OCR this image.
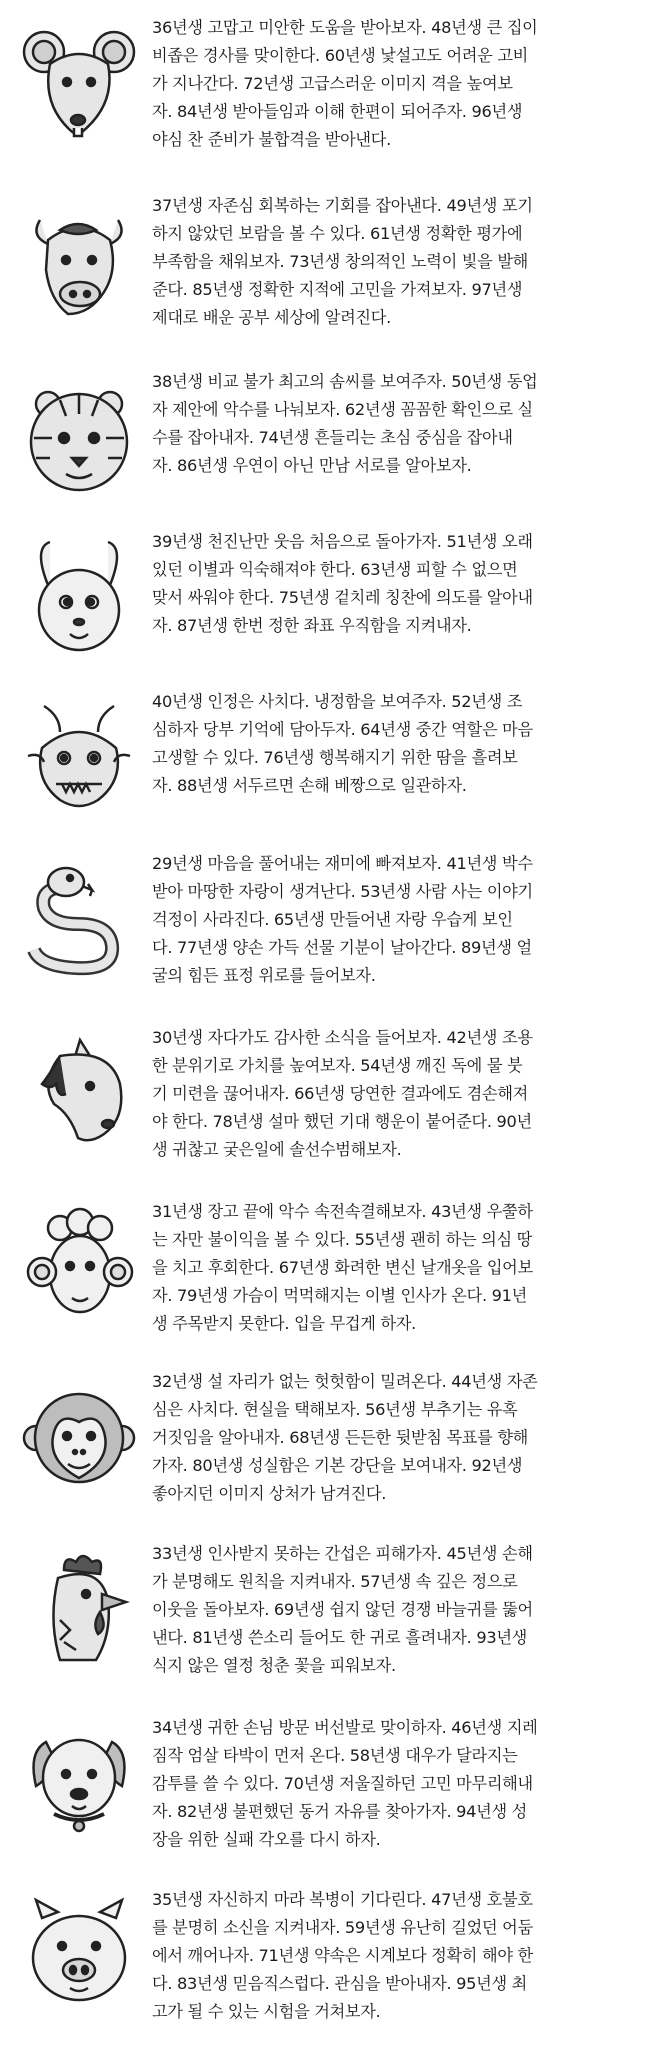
36년생 고맙고 미안한 도움을 받아보자. 48년생 큰 집이
비좁은 경사를 맞이한다. 60년생 낯설고도 어려운 고비
가 지나간다. 72년생 고급스러운 이미지 격을 높여보
자. 84년생 받아들임과 이해 한편이 되어주자. 96년생
야심 찬 준비가 불합격을 받아낸다.
37년생 자존심 회복하는 기회를 잡아낸다. 49년생 포기
하지 않았던 보람을 볼 수 있다. 61년생 정확한 평가에
부족함을 채워보자. 73년생 창의적인 노력이 빛을 발해
준다. 85년생 정확한 지적에 고민을 가져보자. 97년생
제대로 배운 공부 세상에 알려진다.
38년생 비교 불가 최고의 솜씨를 보여주자. 50년생 동업
자 제안에 악수를 나눠보자. 62년생 꼼꼼한 확인으로 실
수를 잡아내자. 74년생 흔들리는 초심 중심을 잡아내
자. 86년생 우연이 아닌 만남 서로를 알아보자.
39년생 천진난만 웃음 처음으로 돌아가자. 51년생 오래
있던 이별과 익숙해져야 한다. 63년생 피할 수 없으면
맞서 싸워야 한다. 75년생 겉치레 칭찬에 의도를 알아내
자. 87년생 한번 정한 좌표 우직함을 지켜내자.
40년생 인정은 사치다. 냉정함을 보여주자. 52년생 조
심하자 당부 기억에 담아두자. 64년생 중간 역할은 마음
고생할 수 있다. 76년생 행복해지기 위한 땀을 흘려보
자. 88년생 서두르면 손해 베짱으로 일관하자.
29년생 마음을 풀어내는 재미에 빠져보자. 41년생 박수
받아 마땅한 자랑이 생겨난다. 53년생 사람 사는 이야기
걱정이 사라진다. 65년생 만들어낸 자랑 우습게 보인
다. 77년생 양손 가득 선물 기분이 날아간다. 89년생 얼
굴의 힘든 표정 위로를 들어보자.
30년생 자다가도 감사한 소식을 들어보자. 42년생 조용
한 분위기로 가치를 높여보자. 54년생 깨진 독에 물 붓
기 미련을 끊어내자. 66년생 당연한 결과에도 겸손해져
야 한다. 78년생 설마 했던 기대 행운이 붙어준다. 90년
생 귀찮고 궂은일에 솔선수범해보자.
31년생 장고 끝에 악수 속전속결해보자. 43년생 우쭐하
는 자만 불이익을 볼 수 있다. 55년생 괜히 하는 의심 땅
을 치고 후회한다. 67년생 화려한 변신 날개옷을 입어보
자. 79년생 가슴이 먹먹해지는 이별 인사가 온다. 91년
생 주목받지 못한다. 입을 무겁게 하자.
32년생 설 자리가 없는 헛헛함이 밀려온다. 44년생 자존
심은 사치다. 현실을 택해보자. 56년생 부추기는 유혹
거짓임을 알아내자. 68년생 든든한 뒷받침 목표를 향해
가자. 80년생 성실함은 기본 강단을 보여내자. 92년생
좋아지던 이미지 상처가 남겨진다.
33년생 인사받지 못하는 간섭은 피해가자. 45년생 손해
가 분명해도 원칙을 지켜내자. 57년생 속 깊은 정으로
이웃을 돌아보자. 69년생 쉽지 않던 경쟁 바늘귀를 뚫어
낸다. 81년생 쓴소리 들어도 한 귀로 흘려내자. 93년생
식지 않은 열정 청춘 꽃을 피워보자.
34년생 귀한 손님 방문 버선발로 맞이하자. 46년생 지레
짐작 엄살 타박이 먼저 온다. 58년생 대우가 달라지는
감투를 쓸 수 있다. 70년생 저울질하던 고민 마무리해내
자. 82년생 불편했던 동거 자유를 찾아가자. 94년생 성
장을 위한 실패 각오를 다시 하자.
35년생 자신하지 마라 복병이 기다린다. 47년생 호불호
를 분명히 소신을 지켜내자. 59년생 유난히 길었던 어둠
에서 깨어나자. 71년생 약속은 시계보다 정확히 해야 한
다. 83년생 믿음직스럽다. 관심을 받아내자. 95년생 최
고가 될 수 있는 시험을 거쳐보자.
